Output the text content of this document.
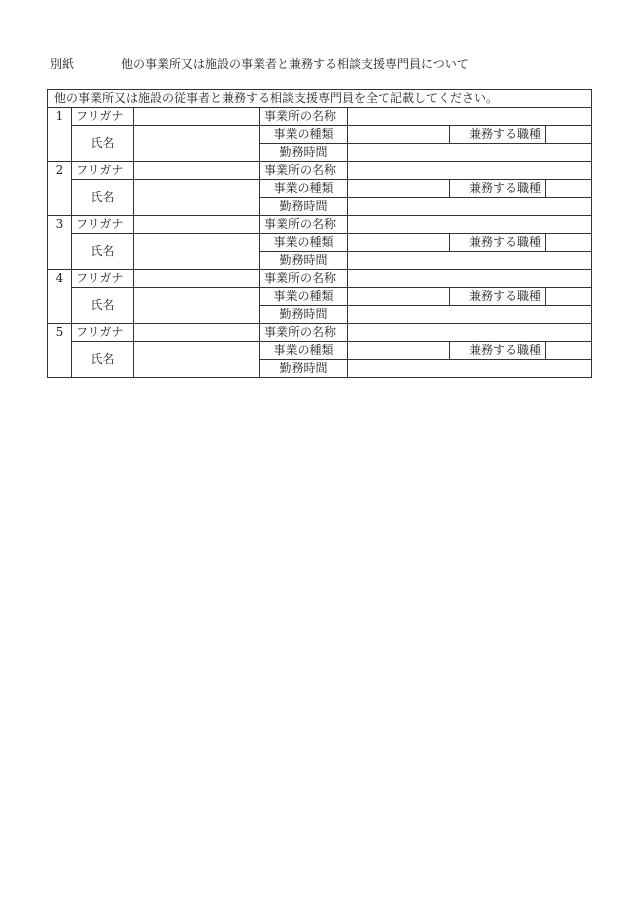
別紙	他の事業所又は施設の事業者と兼務する相談支援専門員について
他の事業所又は施設の従事者と兼務する相談支援専門員を全て記載してください。						
1	フリガナ		事業所の名称			
	氏名		事業の種類		兼務する職種	
			勤務時間			
2	フリガナ		事業所の名称			
	氏名		事業の種類		兼務する職種	
			勤務時間			
3	フリガナ		事業所の名称			
	氏名		事業の種類		兼務する職種	
			勤務時間			
4	フリガナ		事業所の名称			
	氏名		事業の種類		兼務する職種	
			勤務時間			
5	フリガナ		事業所の名称			
	氏名		事業の種類		兼務する職種	
			勤務時間			
